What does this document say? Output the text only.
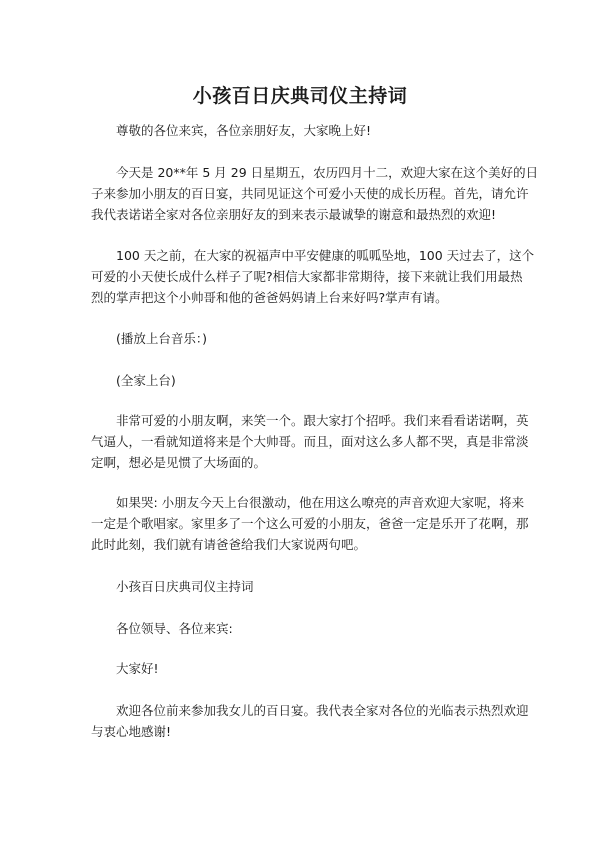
小孩百日庆典司仪主持词

尊敬的各位来宾，各位亲朋好友，大家晚上好!

今天是 20**年 5 月 29 日星期五，农历四月十二，欢迎大家在这个美好的日
子来参加小朋友的百日宴，共同见证这个可爱小天使的成长历程。首先，请允许
我代表诺诺全家对各位亲朋好友的到来表示最诚挚的谢意和最热烈的欢迎!

100 天之前，在大家的祝福声中平安健康的呱呱坠地，100 天过去了，这个
可爱的小天使长成什么样子了呢?相信大家都非常期待，接下来就让我们用最热
烈的掌声把这个小帅哥和他的爸爸妈妈请上台来好吗?掌声有请。

(播放上台音乐：)

(全家上台)

非常可爱的小朋友啊，来笑一个。跟大家打个招呼。我们来看看诺诺啊，英
气逼人，一看就知道将来是个大帅哥。而且，面对这么多人都不哭，真是非常淡
定啊，想必是见惯了大场面的。

如果哭: 小朋友今天上台很激动，他在用这么嘹亮的声音欢迎大家呢，将来
一定是个歌唱家。家里多了一个这么可爱的小朋友，爸爸一定是乐开了花啊，那
此时此刻，我们就有请爸爸给我们大家说两句吧。

小孩百日庆典司仪主持词

各位领导、各位来宾:

大家好!

欢迎各位前来参加我女儿的百日宴。我代表全家对各位的光临表示热烈欢迎
与衷心地感谢!
